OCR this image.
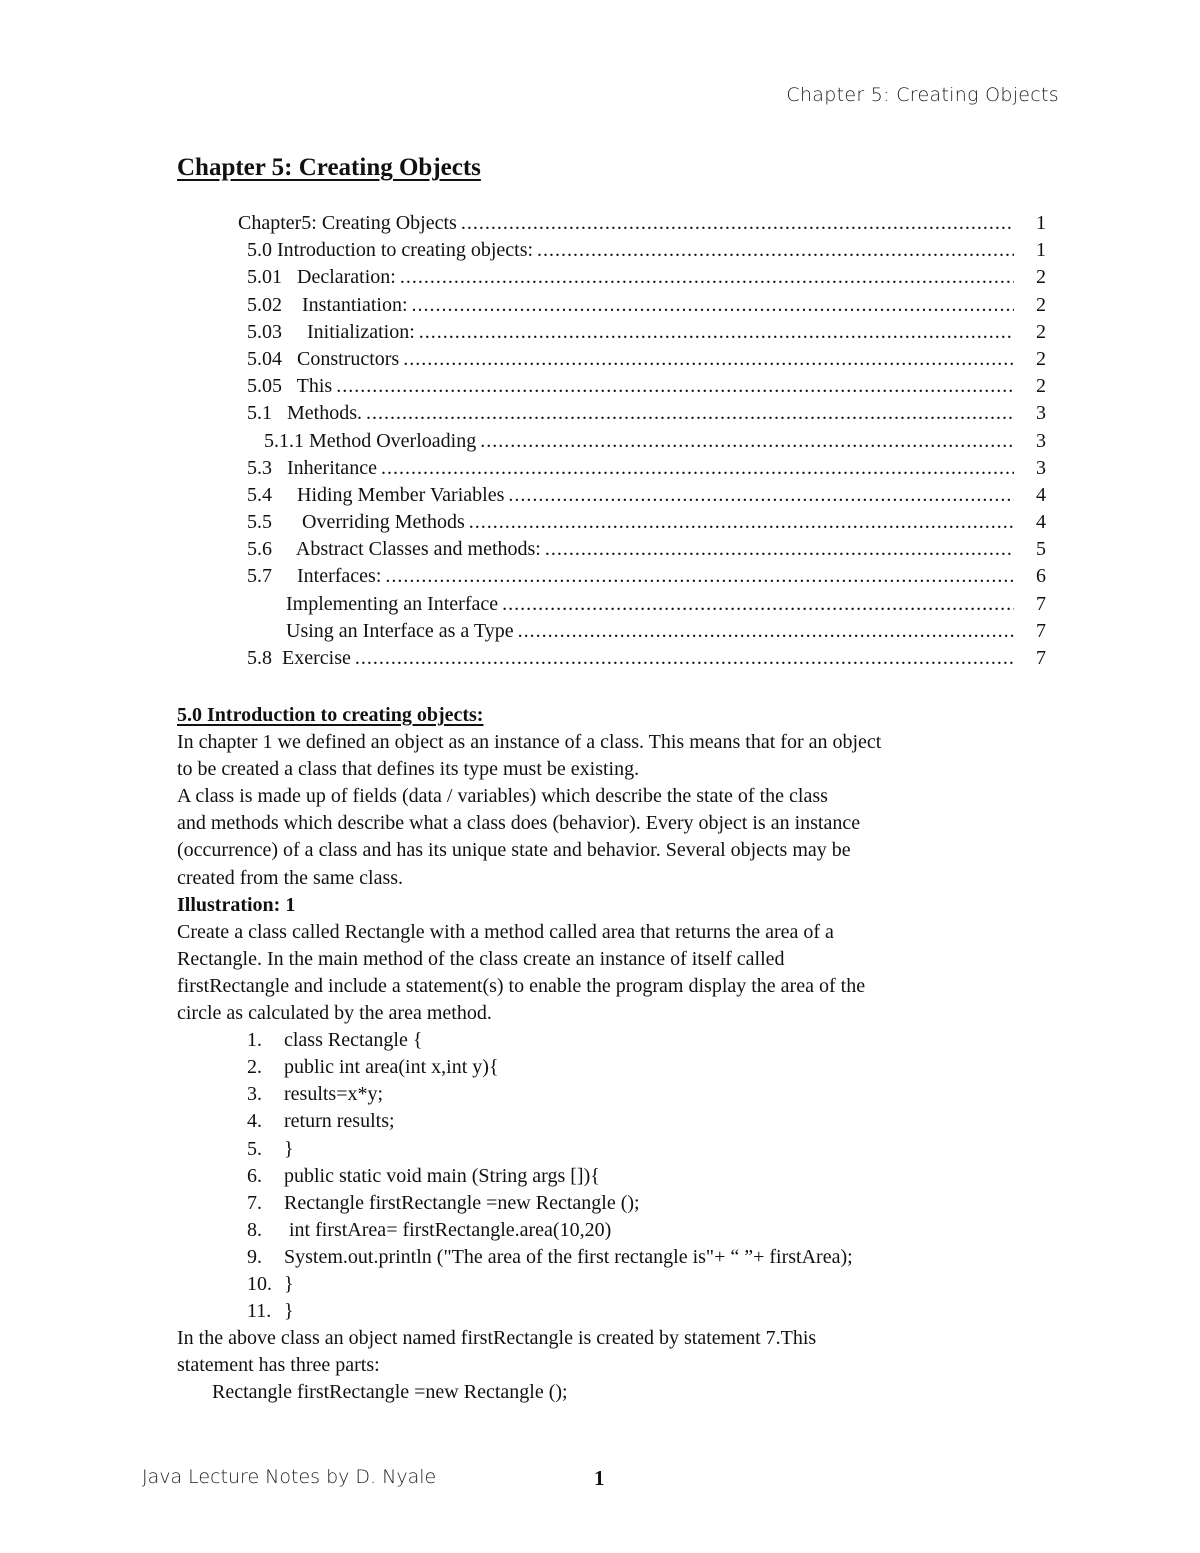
Chapter 5: Creating Objects
Chapter 5: Creating Objects
Chapter5: Creating Objects .....	1
5.0 Introduction to creating objects: .....	1
5.01   Declaration: .....	2
5.02    Instantiation: .....	2
5.03     Initialization: .....	2
5.04   Constructors .....	2
5.05   This .....	2
5.1   Methods. .....	3
5.1.1 Method Overloading .....	3
5.3   Inheritance .....	3
5.4     Hiding Member Variables .....	4
5.5      Overriding Methods .....	4
5.6     Abstract Classes and methods: .....	5
5.7     Interfaces: .....	6
Implementing an Interface .....	7
Using an Interface as a Type .....	7
5.8  Exercise .....	7

5.0 Introduction to creating objects:

In chapter 1 we defined an object as an instance of a class. This means that for an object

to be created a class that defines its type must be existing.

A class is made up of fields (data / variables) which describe the state of the class

and methods which describe what a class does (behavior). Every object is an instance

(occurrence) of a class and has its unique state and behavior. Several objects may be

created from the same class.

Illustration: 1

Create a class called Rectangle with a method called area that returns the area of a

Rectangle. In the main method of the class create an instance of itself called

firstRectangle and include a statement(s) to enable the program display the area of the

circle as calculated by the area method.

1.	class Rectangle {
2.	public int area(int x,int y){
3.	results=x*y;
4.	return results;
5.	}
6.	public static void main (String args []){
7.	Rectangle firstRectangle =new Rectangle ();
8.	int firstArea= firstRectangle.area(10,20)
9.	System.out.println ("The area of the first rectangle is"+ “ ”+ firstArea);
10. }
11. }

In the above class an object named firstRectangle is created by statement 7.This

statement has three parts:

Rectangle firstRectangle =new Rectangle ();

Java Lecture Notes by D. Nyale	1
